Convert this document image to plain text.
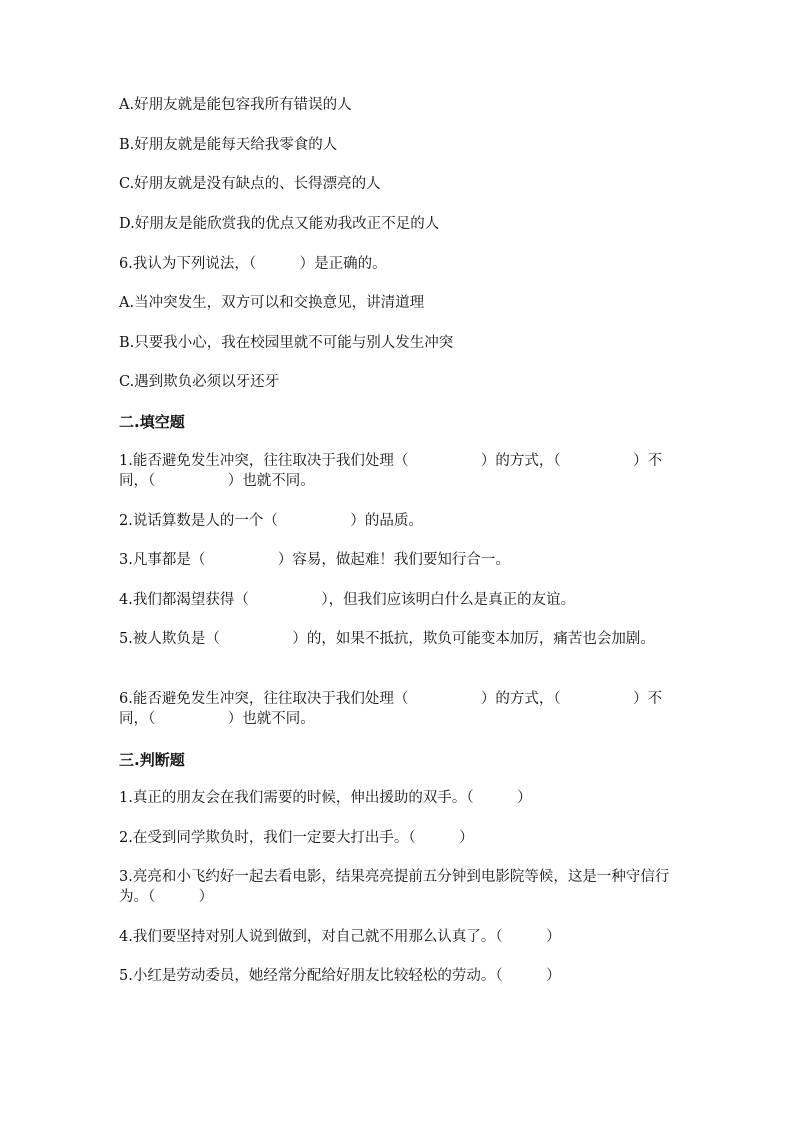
A.好朋友就是能包容我所有错误的人
B.好朋友就是能每天给我零食的人
C.好朋友就是没有缺点的、长得漂亮的人
D.好朋友是能欣赏我的优点又能劝我改正不足的人
6.我认为下列说法，（　　　）是正确的。
A.当冲突发生，双方可以和交换意见，讲清道理
B.只要我小心，我在校园里就不可能与别人发生冲突
C.遇到欺负必须以牙还牙
二.填空题
1.能否避免发生冲突，往往取决于我们处理（　　　　　）的方式，（　　　　　）不同，（　　　　　）也就不同。
2.说话算数是人的一个（　　　　　）的品质。
3.凡事都是（　　　　　）容易，做起难！我们要知行合一。
4.我们都渴望获得（　　　　　），但我们应该明白什么是真正的友谊。
5.被人欺负是（　　　　　）的，如果不抵抗，欺负可能变本加厉，痛苦也会加剧。
6.能否避免发生冲突，往往取决于我们处理（　　　　　）的方式，（　　　　　）不同，（　　　　　）也就不同。
三.判断题
1.真正的朋友会在我们需要的时候，伸出援助的双手。（　　　）
2.在受到同学欺负时，我们一定要大打出手。（　　　）
3.亮亮和小飞约好一起去看电影，结果亮亮提前五分钟到电影院等候，这是一种守信行为。（　　　）
4.我们要坚持对别人说到做到，对自己就不用那么认真了。（　　　）
5.小红是劳动委员，她经常分配给好朋友比较轻松的劳动。（　　　）
